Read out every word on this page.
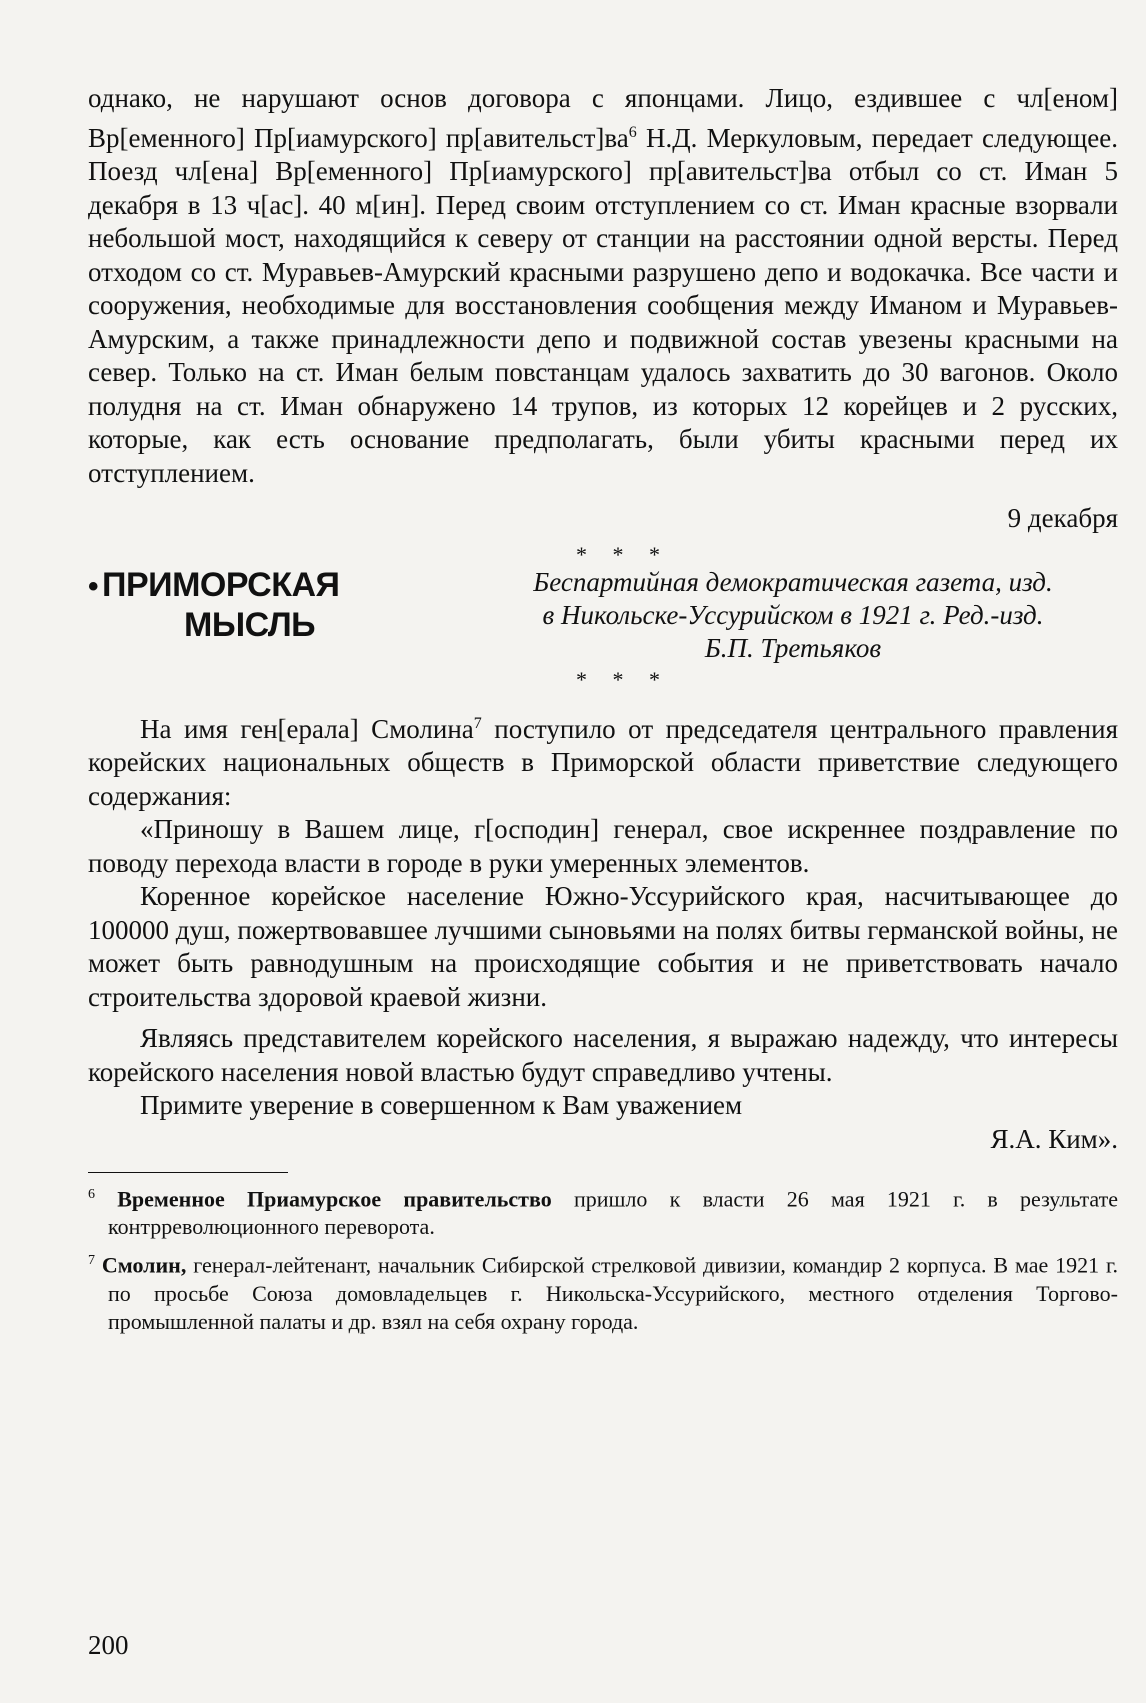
однако, не нарушают основ договора с японцами. Лицо, ездившее с чл[еном] Вр[еменного] Пр[иамурского] $пр[авительст]ва^6$ Н.Д. Меркуловым, передает следующее. Поезд чл[ена] Вр[еменного] Пр[иамурского] пр[авительст]ва отбыл со ст. Иман 5 декабря в 13 ч[ас]. 40 м[ин]. Перед своим отступлением со ст. Иман красные взорвали небольшой мост, находящийся к северу от станции на расстоянии одной версты. Перед отходом со ст. Муравьев-Амурский красными разрушено депо и водокачка. Все части и сооружения, необходимые для восстановления сообщения между Иманом и Муравьев-Амурским, а также принадлежности депо и подвижной состав увезены красными на север. Только на ст. Иман белым повстанцам удалось захватить до 30 вагонов. Около полудня на ст. Иман обнаружено 14 трупов, из которых 12 корейцев и 2 русских, которые, как есть основание предполагать, были убиты красными перед их отступлением.

9 декабря

* * *
• ПРИМОРСКАЯ
МЫСЛЬ
Беспартийная демократическая газета, изд. в Никольске-Уссурийском в 1921 г. Ред.-изд. Б.П. Третьяков
* * *

На имя ген[ерала] Смолина$^7$ поступило от председателя центрального правления корейских национальных обществ в Приморской области приветствие следующего содержания:

«Приношу в Вашем лице, г[осподин] генерал, свое искреннее поздравление по поводу перехода власти в городе в руки умеренных элементов.

Коренное корейское население Южно-Уссурийского края, насчитывающее до 100000 душ, пожертвовавшее лучшими сыновьями на полях битвы германской войны, не может быть равнодушным на происходящие события и не приветствовать начало строительства здоровой краевой жизни.

Являясь представителем корейского населения, я выражаю надежду, что интересы корейского населения новой властью будут справедливо учтены.

Примите уверение в совершенном к Вам уважением

Я.А. Ким».

$^6$ Временное Приамурское правительство пришло к власти 26 мая 1921 г. в результате контрреволюционного переворота.

$^7$ Смолин, генерал-лейтенант, начальник Сибирской стрелковой дивизии, командир 2 корпуса. В мае 1921 г. по просьбе Союза домовладельцев г. Никольска-Уссурийского, местного отделения Торгово-промышленной палаты и др. взял на себя охрану города.

200
